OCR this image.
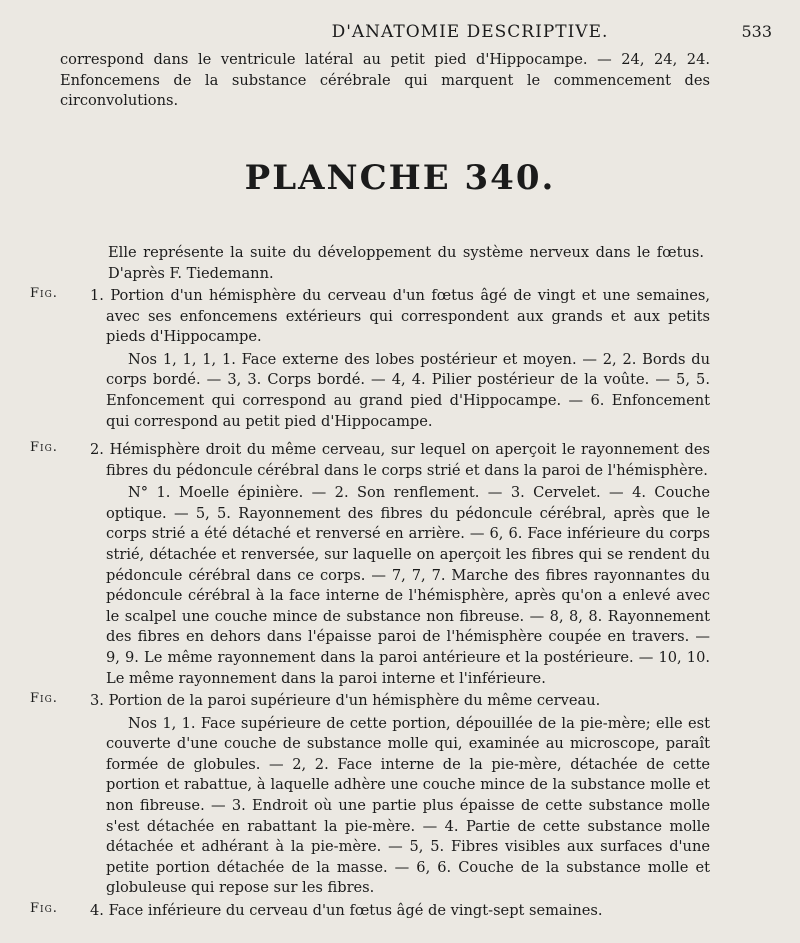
D'ANATOMIE DESCRIPTIVE.	533
correspond dans le ventricule latéral au petit pied d'Hippocampe. — 24, 24, 24. Enfoncemens de la substance cérébrale qui marquent le commencement des circonvolutions.
PLANCHE 340.
Elle représente la suite du développement du système nerveux dans le fœtus. D'après F. Tiedemann.
Fig. 1. Portion d'un hémisphère du cerveau d'un fœtus âgé de vingt et une semaines, avec ses enfoncemens extérieurs qui correspondent aux grands et aux petits pieds d'Hippocampe.
Nos 1, 1, 1, 1. Face externe des lobes postérieur et moyen. — 2, 2. Bords du corps bordé. — 3, 3. Corps bordé. — 4, 4. Pilier postérieur de la voûte. — 5, 5. Enfoncement qui correspond au grand pied d'Hippocampe. — 6. Enfoncement qui correspond au petit pied d'Hippocampe.
Fig. 2. Hémisphère droit du même cerveau, sur lequel on aperçoit le rayonnement des fibres du pédoncule cérébral dans le corps strié et dans la paroi de l'hémisphère.
N° 1. Moelle épinière. — 2. Son renflement. — 3. Cervelet. — 4. Couche optique. — 5, 5. Rayonnement des fibres du pédoncule cérébral, après que le corps strié a été détaché et renversé en arrière. — 6, 6. Face inférieure du corps strié, détachée et renversée, sur laquelle on aperçoit les fibres qui se rendent du pédoncule cérébral dans ce corps. — 7, 7, 7. Marche des fibres rayonnantes du pédoncule cérébral à la face interne de l'hémisphère, après qu'on a enlevé avec le scalpel une couche mince de substance non fibreuse. — 8, 8, 8. Rayonnement des fibres en dehors dans l'épaisse paroi de l'hémisphère coupée en travers. — 9, 9. Le même rayonnement dans la paroi antérieure et la postérieure. — 10, 10. Le même rayonnement dans la paroi interne et l'inférieure.
Fig. 3. Portion de la paroi supérieure d'un hémisphère du même cerveau.
Nos 1, 1. Face supérieure de cette portion, dépouillée de la pie-mère; elle est couverte d'une couche de substance molle qui, examinée au microscope, paraît formée de globules. — 2, 2. Face interne de la pie-mère, détachée de cette portion et rabattue, à laquelle adhère une couche mince de la substance molle et non fibreuse. — 3. Endroit où une partie plus épaisse de cette substance molle s'est détachée en rabattant la pie-mère. — 4. Partie de cette substance molle détachée et adhérant à la pie-mère. — 5, 5. Fibres visibles aux surfaces d'une petite portion détachée de la masse. — 6, 6. Couche de la substance molle et globuleuse qui repose sur les fibres.
Fig. 4. Face inférieure du cerveau d'un fœtus âgé de vingt-sept semaines.
